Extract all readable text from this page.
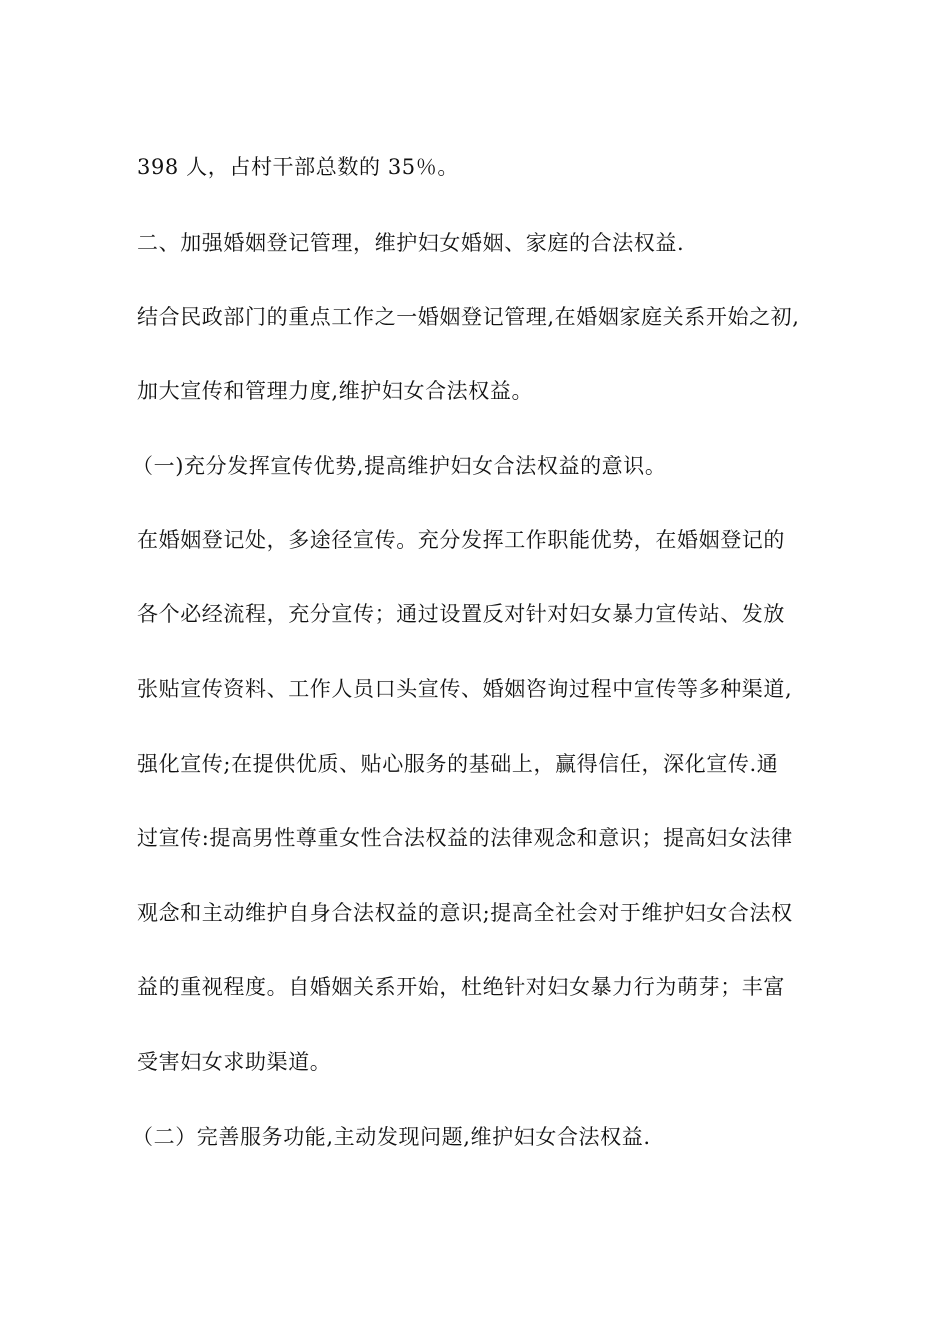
398 人，占村干部总数的 35％。
二、加强婚姻登记管理，维护妇女婚姻、家庭的合法权益.
结合民政部门的重点工作之一婚姻登记管理,在婚姻家庭关系开始之初,
加大宣传和管理力度,维护妇女合法权益。
（一)充分发挥宣传优势,提高维护妇女合法权益的意识。
在婚姻登记处，多途径宣传。充分发挥工作职能优势，在婚姻登记的
各个必经流程，充分宣传；通过设置反对针对妇女暴力宣传站、发放
张贴宣传资料、工作人员口头宣传、婚姻咨询过程中宣传等多种渠道,
强化宣传;在提供优质、贴心服务的基础上，赢得信任，深化宣传.通
过宣传:提高男性尊重女性合法权益的法律观念和意识；提高妇女法律
观念和主动维护自身合法权益的意识;提高全社会对于维护妇女合法权
益的重视程度。自婚姻关系开始，杜绝针对妇女暴力行为萌芽；丰富
受害妇女求助渠道。
（二）完善服务功能,主动发现问题,维护妇女合法权益.
